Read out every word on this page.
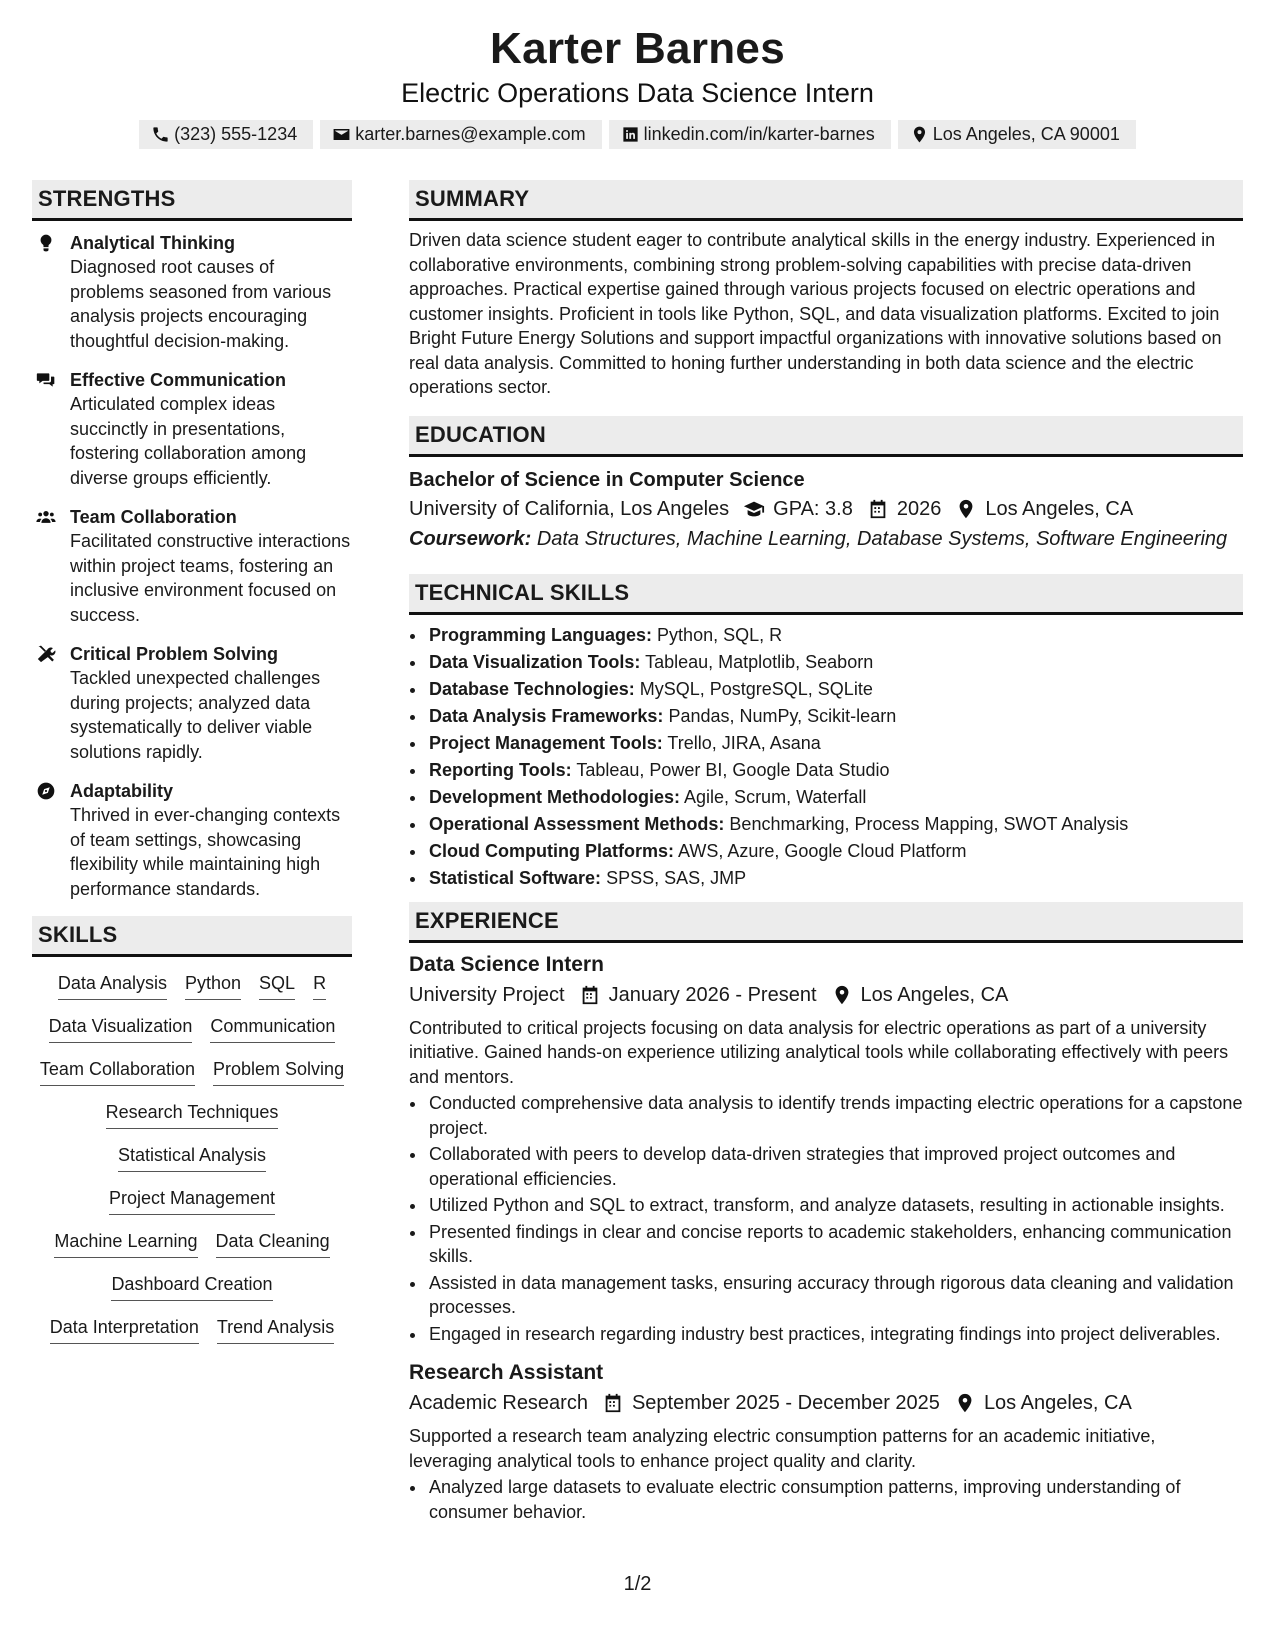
Karter Barnes
Electric Operations Data Science Intern
(323) 555-1234	karter.barnes@example.com	linkedin.com/in/karter-barnes	Los Angeles, CA 90001
STRENGTHS
Analytical Thinking
Diagnosed root causes of problems seasoned from various analysis projects encouraging thoughtful decision-making.
Effective Communication
Articulated complex ideas succinctly in presentations, fostering collaboration among diverse groups efficiently.
Team Collaboration
Facilitated constructive interactions within project teams, fostering an inclusive environment focused on success.
Critical Problem Solving
Tackled unexpected challenges during projects; analyzed data systematically to deliver viable solutions rapidly.
Adaptability
Thrived in ever-changing contexts of team settings, showcasing flexibility while maintaining high performance standards.
SKILLS
Data Analysis Python SQL R
Data Visualization Communication
Team Collaboration Problem Solving
Research Techniques
Statistical Analysis
Project Management
Machine Learning Data Cleaning
Dashboard Creation
Data Interpretation Trend Analysis
SUMMARY
Driven data science student eager to contribute analytical skills in the energy industry. Experienced in collaborative environments, combining strong problem-solving capabilities with precise data-driven approaches. Practical expertise gained through various projects focused on electric operations and customer insights. Proficient in tools like Python, SQL, and data visualization platforms. Excited to join Bright Future Energy Solutions and support impactful organizations with innovative solutions based on real data analysis. Committed to honing further understanding in both data science and the electric operations sector.
EDUCATION
Bachelor of Science in Computer Science
University of California, Los Angeles GPA: 3.8 2026 Los Angeles, CA
Coursework: Data Structures, Machine Learning, Database Systems, Software Engineering
TECHNICAL SKILLS
• Programming Languages: Python, SQL, R
• Data Visualization Tools: Tableau, Matplotlib, Seaborn
• Database Technologies: MySQL, PostgreSQL, SQLite
• Data Analysis Frameworks: Pandas, NumPy, Scikit-learn
• Project Management Tools: Trello, JIRA, Asana
• Reporting Tools: Tableau, Power BI, Google Data Studio
• Development Methodologies: Agile, Scrum, Waterfall
• Operational Assessment Methods: Benchmarking, Process Mapping, SWOT Analysis
• Cloud Computing Platforms: AWS, Azure, Google Cloud Platform
• Statistical Software: SPSS, SAS, JMP
EXPERIENCE
Data Science Intern
University Project January 2026 - Present Los Angeles, CA
Contributed to critical projects focusing on data analysis for electric operations as part of a university initiative. Gained hands-on experience utilizing analytical tools while collaborating effectively with peers and mentors.
• Conducted comprehensive data analysis to identify trends impacting electric operations for a capstone project.
• Collaborated with peers to develop data-driven strategies that improved project outcomes and operational efficiencies.
• Utilized Python and SQL to extract, transform, and analyze datasets, resulting in actionable insights.
• Presented findings in clear and concise reports to academic stakeholders, enhancing communication skills.
• Assisted in data management tasks, ensuring accuracy through rigorous data cleaning and validation processes.
• Engaged in research regarding industry best practices, integrating findings into project deliverables.
Research Assistant
Academic Research September 2025 - December 2025 Los Angeles, CA
Supported a research team analyzing electric consumption patterns for an academic initiative, leveraging analytical tools to enhance project quality and clarity.
• Analyzed large datasets to evaluate electric consumption patterns, improving understanding of consumer behavior.
1/2
